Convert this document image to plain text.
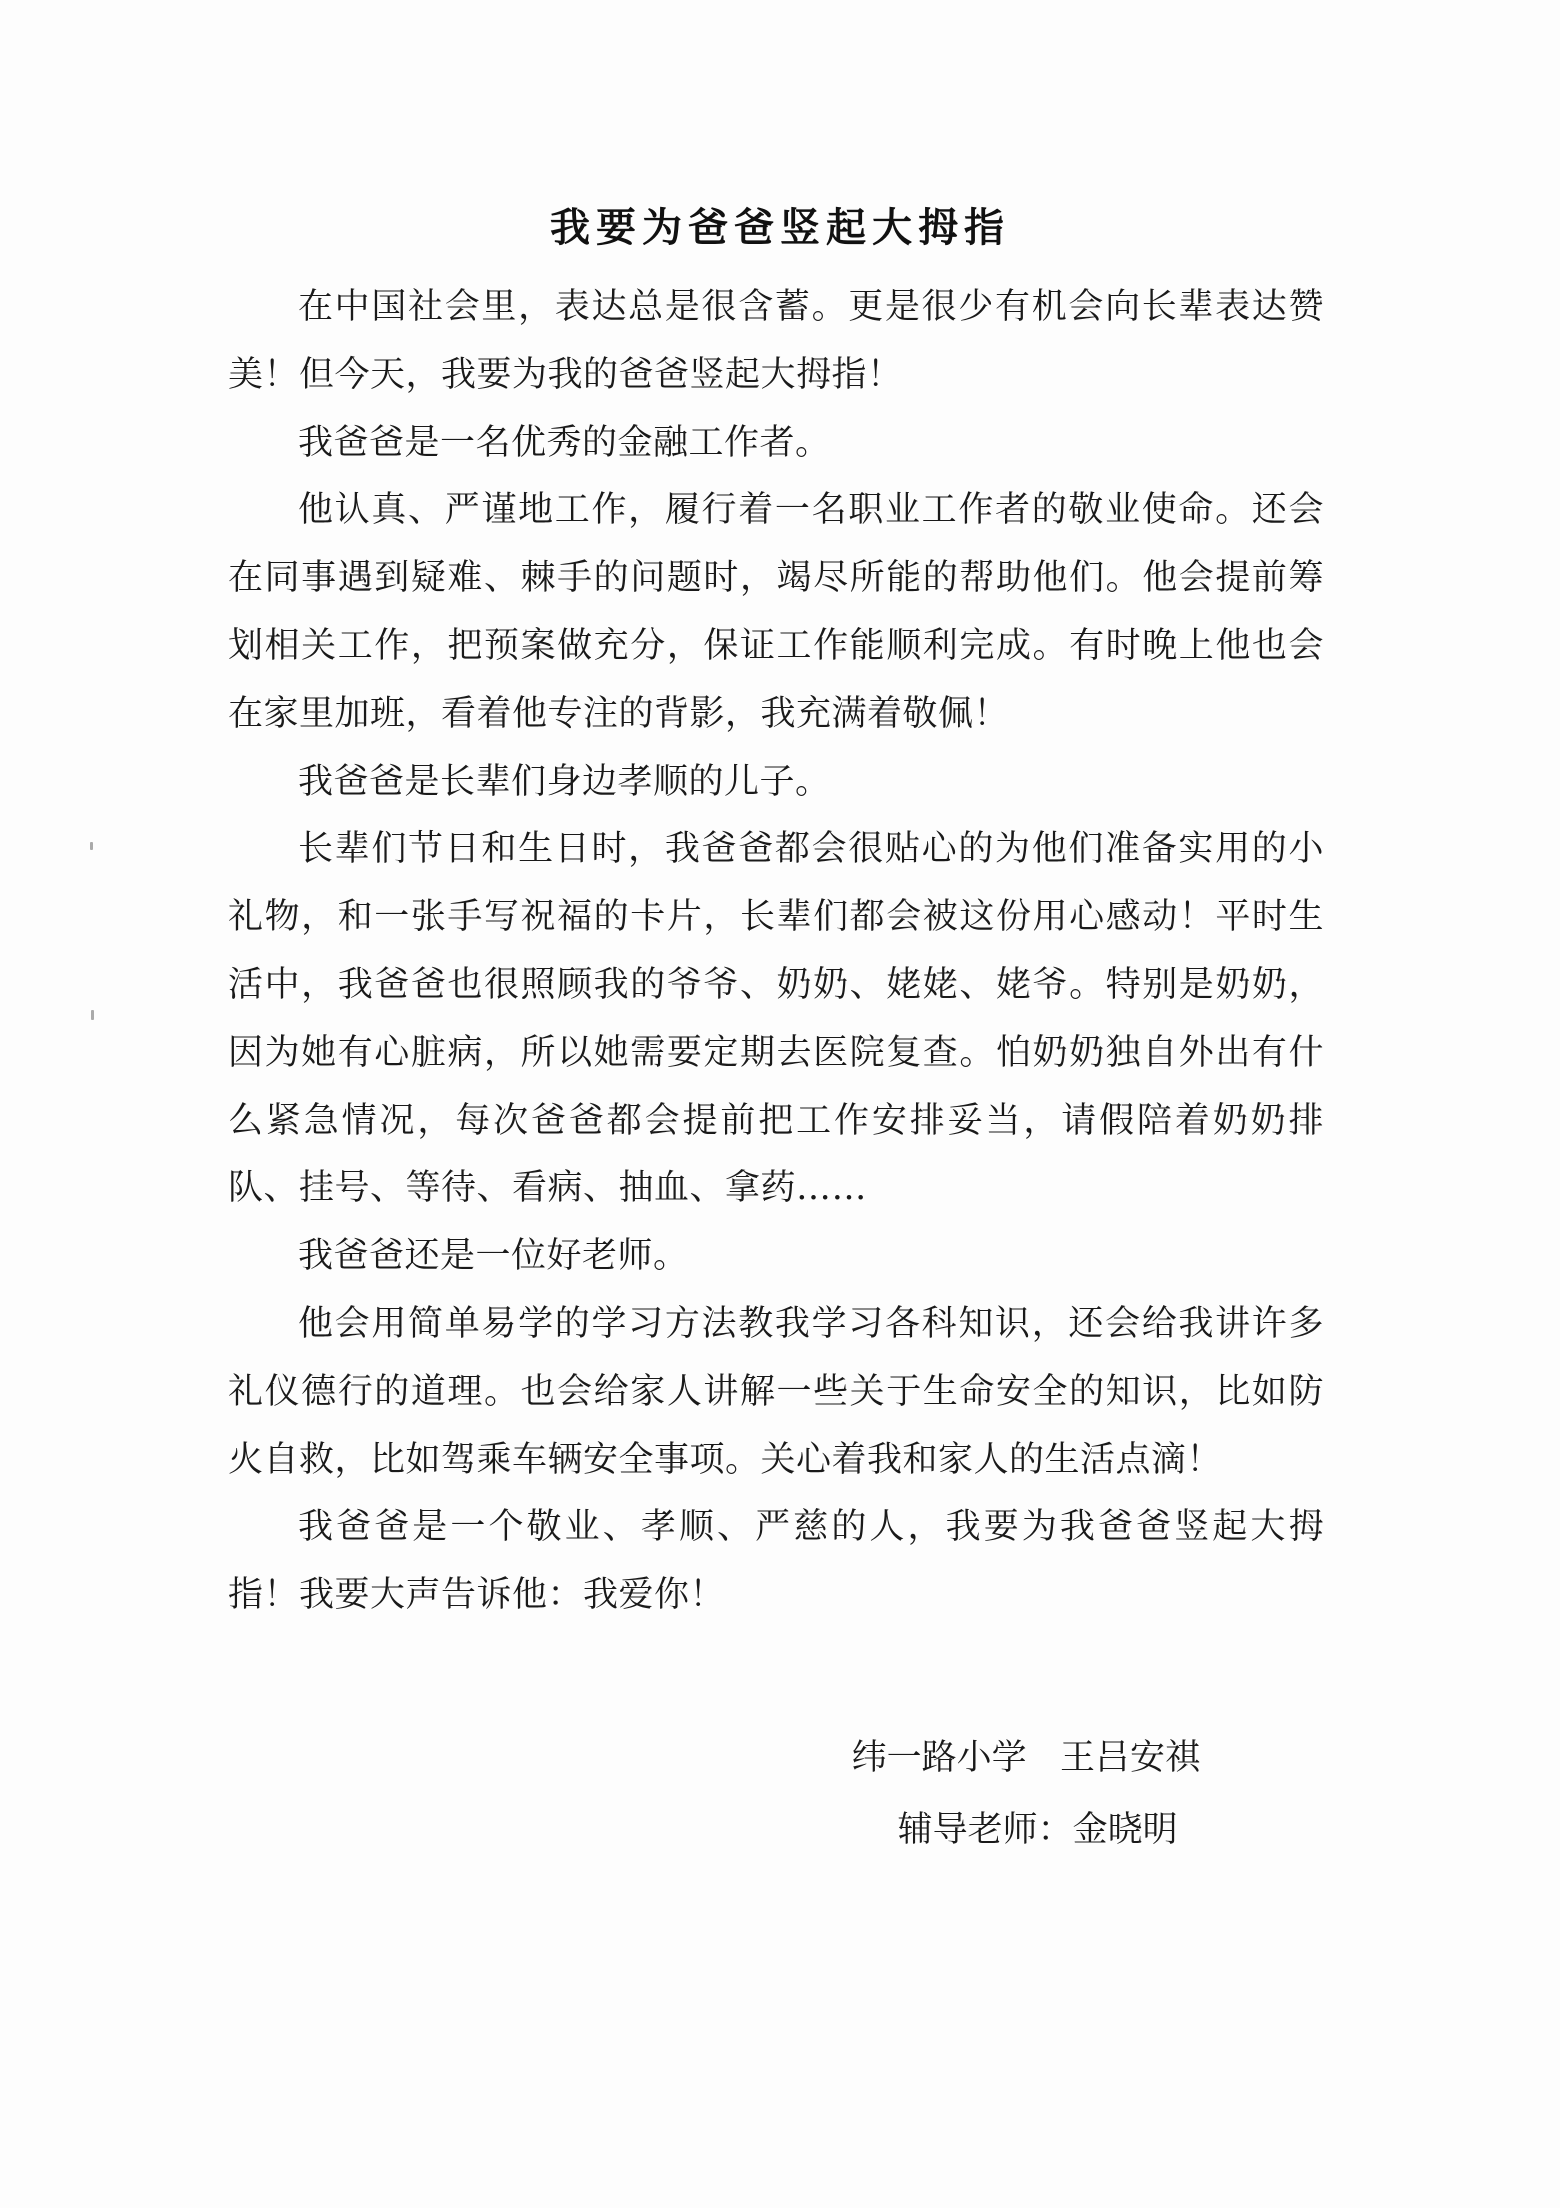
我要为爸爸竖起大拇指

在中国社会里，表达总是很含蓄。更是很少有机会向长辈表达赞美！但今天，我要为我的爸爸竖起大拇指！

我爸爸是一名优秀的金融工作者。

他认真、严谨地工作，履行着一名职业工作者的敬业使命。还会在同事遇到疑难、棘手的问题时，竭尽所能的帮助他们。他会提前筹划相关工作，把预案做充分，保证工作能顺利完成。有时晚上他也会在家里加班，看着他专注的背影，我充满着敬佩！

我爸爸是长辈们身边孝顺的儿子。

长辈们节日和生日时，我爸爸都会很贴心的为他们准备实用的小礼物，和一张手写祝福的卡片，长辈们都会被这份用心感动！平时生活中，我爸爸也很照顾我的爷爷、奶奶、姥姥、姥爷。特别是奶奶，因为她有心脏病，所以她需要定期去医院复查。怕奶奶独自外出有什么紧急情况，每次爸爸都会提前把工作安排妥当，请假陪着奶奶排队、挂号、等待、看病、抽血、拿药……

我爸爸还是一位好老师。

他会用简单易学的学习方法教我学习各科知识，还会给我讲许多礼仪德行的道理。也会给家人讲解一些关于生命安全的知识，比如防火自救，比如驾乘车辆安全事项。关心着我和家人的生活点滴！

我爸爸是一个敬业、孝顺、严慈的人，我要为我爸爸竖起大拇指！我要大声告诉他：我爱你！

纬一路小学   王吕安祺
辅导老师：金晓明
